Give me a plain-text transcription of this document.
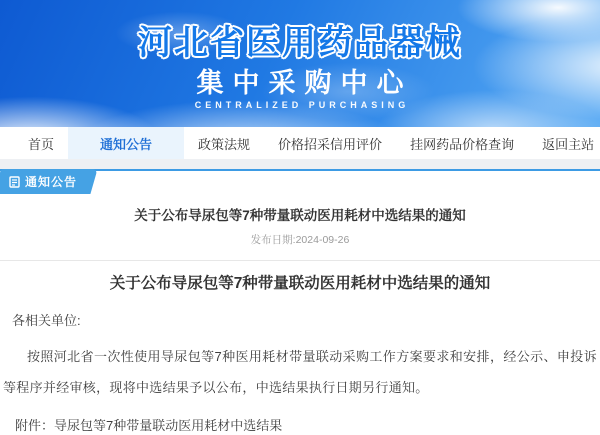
河北省医用药品器械
集中采购中心
CENTRALIZED PURCHASING
首页	通知公告	政策法规	价格招采信用评价	挂网药品价格查询	返回主站
通知公告
关于公布导尿包等7种带量联动医用耗材中选结果的通知
发布日期:2024-09-26
关于公布导尿包等7种带量联动医用耗材中选结果的通知

各相关单位:

按照河北省一次性使用导尿包等7种医用耗材带量联动采购工作方案要求和安排，经公示、申投诉等程序并经审核，现将中选结果予以公布，中选结果执行日期另行通知。

附件：导尿包等7种带量联动医用耗材中选结果
